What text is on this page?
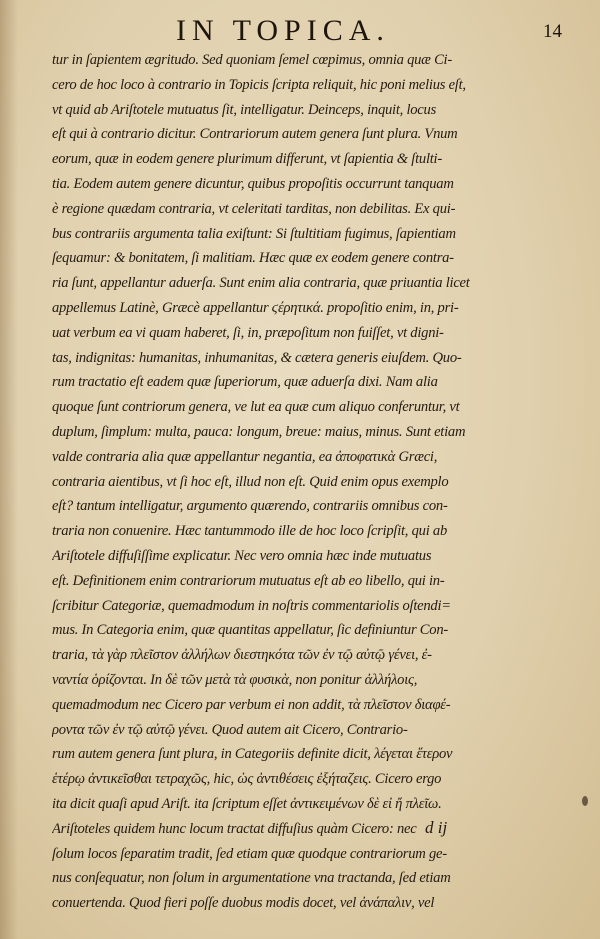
IN TOPICA.	14
tur in ſapientem ægritudo. Sed quoniam ſemel cœpimus, omnia quæ Ci-
cero de hoc loco à contrario in Topicis ſcripta reliquit, hic poni melius eſt,
vt quid ab Ariſtotele mutuatus ſit, intelligatur. Deinceps, inquit, locus
eſt qui à contrario dicitur. Contrariorum autem genera ſunt plura. Vnum
eorum, quæ in eodem genere plurimum differunt, vt ſapientia & ſtulti-
tia. Eodem autem genere dicuntur, quibus propoſitis occurrunt tanquam
è regione quædam contraria, vt celeritati tarditas, non debilitas. Ex qui-
bus contrariis argumenta talia exiſtunt: Si ſtultitiam fugimus, ſapientiam
ſequamur: & bonitatem, ſi malitiam. Hæc quæ ex eodem genere contra-
ria ſunt, appellantur aduerſa. Sunt enim alia contraria, quæ priuantia licet
appellemus Latinè, Græcè appellantur ϛέρητικά. propoſitio enim, in, pri-
uat verbum ea vi quam haberet, ſi, in, præpoſitum non fuiſſet, vt digni-
tas, indignitas: humanitas, inhumanitas, & cætera generis eiuſdem. Quo-
rum tractatio eſt eadem quæ ſuperiorum, quæ aduerſa dixi. Nam alia
quoque ſunt contriorum genera, ve lut ea quæ cum aliquo conferuntur, vt
duplum, ſimplum: multa, pauca: longum, breue: maius, minus. Sunt etiam
valde contraria alia quæ appellantur negantia, ea ἀποφατικὰ Græci,
contraria aientibus, vt ſi hoc eſt, illud non eſt. Quid enim opus exemplo
eſt? tantum intelligatur, argumento quærendo, contrariis omnibus con-
traria non conuenire. Hæc tantummodo ille de hoc loco ſcripſit, qui ab
Ariſtotele diffuſiſſime explicatur. Nec vero omnia hæc inde mutuatus
eſt. Definitionem enim contrariorum mutuatus eſt ab eo libello, qui in-
ſcribitur Categoriæ, quemadmodum in noſtris commentariolis oſtendi=
mus. In Categoria enim, quæ quantitas appellatur, ſic definiuntur Con-
traria, τὰ γὰρ πλεῖστον ἀλλήλων διεστηκότα τῶν ἐν τῷ αὐτῷ γένει, ἐ-
ναντία ὁρίζονται. In δὲ τῶν μετὰ τὰ φυσικὰ, non ponitur ἀλλήλοις,
quemadmodum nec Cicero par verbum ei non addit, τὰ πλεῖστον διαφέ-
ροντα τῶν ἐν τῷ αὐτῷ γένει. Quod autem ait Cicero, Contrario-
rum autem genera ſunt plura, in Categoriis definite dicit, λέγεται ἕτερον
ἑτέρῳ ἀντικεῖσθαι τετραχῶς, hic, ὡς ἀντιθέσεις ἐξήταζεις. Cicero ergo
ita dicit quaſi apud Ariſt. ita ſcriptum eſſet ἀντικειμένων δὲ εἰ ἤ πλεῖω.
Ariſtoteles quidem hunc locum tractat diffuſius quàm Cicero: nec
ſolum locos ſeparatim tradit, ſed etiam quæ quodque contrariorum ge-
nus conſequatur, non ſolum in argumentatione vna tractanda, ſed etiam
conuertenda. Quod fieri poſſe duobus modis docet, vel ἀνάπαλιν, vel
d ij
